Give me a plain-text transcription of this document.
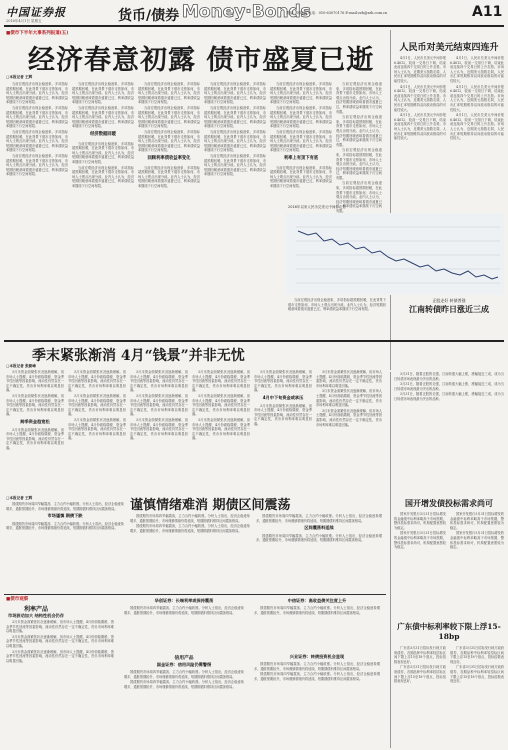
中国证券报
2016年4月1日 星期五	货币/债券 Money·Bonds
责编：刘晓莉 电话：010-63070176 E-mail:zzb@zzb.com.cn	A11
■债市下半年大事系列报道(五)
经济春意初露 债市盛夏已逝
□本报记者 王辉

当前宏观经济出现企稳迹象，多项指标超预期回暖，在此背景下债市走势如何，市场人士观点出现分歧。业内人士认为，经济短期回暖意味着债市盛夏已过，利率债收益率继续下行空间有限。

当前宏观经济出现企稳迹象，多项指标超预期回暖，在此背景下债市走势如何，市场人士观点出现分歧。业内人士认为，经济短期回暖意味着债市盛夏已过，利率债收益率继续下行空间有限。

当前宏观经济出现企稳迹象，多项指标超预期回暖，在此背景下债市走势如何，市场人士观点出现分歧。业内人士认为，经济短期回暖意味着债市盛夏已过，利率债收益率继续下行空间有限。

当前宏观经济出现企稳迹象，多项指标超预期回暖，在此背景下债市走势如何，市场人士观点出现分歧。业内人士认为，经济短期回暖意味着债市盛夏已过，利率债收益率继续下行空间有限。

当前宏观经济出现企稳迹象，多项指标超预期回暖，在此背景下债市走势如何，市场人士观点出现分歧。业内人士认为，经济短期回暖意味着债市盛夏已过，利率债收益率继续下行空间有限。

当前宏观经济出现企稳迹象，多项指标超预期回暖，在此背景下债市走势如何，市场人士观点出现分歧。业内人士认为，经济短期回暖意味着债市盛夏已过，利率债收益率继续下行空间有限。

经济数据回暖

当前宏观经济出现企稳迹象，多项指标超预期回暖，在此背景下债市走势如何，市场人士观点出现分歧。业内人士认为，经济短期回暖意味着债市盛夏已过，利率债收益率继续下行空间有限。

当前宏观经济出现企稳迹象，多项指标超预期回暖，在此背景下债市走势如何，市场人士观点出现分歧。业内人士认为，经济短期回暖意味着债市盛夏已过，利率债收益率继续下行空间有限。

当前宏观经济出现企稳迹象，多项指标超预期回暖，在此背景下债市走势如何，市场人士观点出现分歧。业内人士认为，经济短期回暖意味着债市盛夏已过，利率债收益率继续下行空间有限。

当前宏观经济出现企稳迹象，多项指标超预期回暖，在此背景下债市走势如何，市场人士观点出现分歧。业内人士认为，经济短期回暖意味着债市盛夏已过，利率债收益率继续下行空间有限。

当前宏观经济出现企稳迹象，多项指标超预期回暖，在此背景下债市走势如何，市场人士观点出现分歧。业内人士认为，经济短期回暖意味着债市盛夏已过，利率债收益率继续下行空间有限。

回顾利率债收益率变化

当前宏观经济出现企稳迹象，多项指标超预期回暖，在此背景下债市走势如何，市场人士观点出现分歧。业内人士认为，经济短期回暖意味着债市盛夏已过，利率债收益率继续下行空间有限。

当前宏观经济出现企稳迹象，多项指标超预期回暖，在此背景下债市走势如何，市场人士观点出现分歧。业内人士认为，经济短期回暖意味着债市盛夏已过，利率债收益率继续下行空间有限。

当前宏观经济出现企稳迹象，多项指标超预期回暖，在此背景下债市走势如何，市场人士观点出现分歧。业内人士认为，经济短期回暖意味着债市盛夏已过，利率债收益率继续下行空间有限。

当前宏观经济出现企稳迹象，多项指标超预期回暖，在此背景下债市走势如何，市场人士观点出现分歧。业内人士认为，经济短期回暖意味着债市盛夏已过，利率债收益率继续下行空间有限。

当前宏观经济出现企稳迹象，多项指标超预期回暖，在此背景下债市走势如何，市场人士观点出现分歧。业内人士认为，经济短期回暖意味着债市盛夏已过，利率债收益率继续下行空间有限。

当前宏观经济出现企稳迹象，多项指标超预期回暖，在此背景下债市走势如何，市场人士观点出现分歧。业内人士认为，经济短期回暖意味着债市盛夏已过，利率债收益率继续下行空间有限。

当前宏观经济出现企稳迹象，多项指标超预期回暖，在此背景下债市走势如何，市场人士观点出现分歧。业内人士认为，经济短期回暖意味着债市盛夏已过，利率债收益率继续下行空间有限。

当前宏观经济出现企稳迹象，多项指标超预期回暖，在此背景下债市走势如何，市场人士观点出现分歧。业内人士认为，经济短期回暖意味着债市盛夏已过，利率债收益率继续下行空间有限。

利率上有顶下有底

当前宏观经济出现企稳迹象，多项指标超预期回暖，在此背景下债市走势如何，市场人士观点出现分歧。业内人士认为，经济短期回暖意味着债市盛夏已过，利率债收益率继续下行空间有限。

当前宏观经济出现企稳迹象，多项指标超预期回暖，在此背景下债市走势如何，市场人士观点出现分歧。业内人士认为，经济短期回暖意味着债市盛夏已过，利率债收益率继续下行空间有限。

当前宏观经济出现企稳迹象，多项指标超预期回暖，在此背景下债市走势如何，市场人士观点出现分歧。业内人士认为，经济短期回暖意味着债市盛夏已过，利率债收益率继续下行空间有限。

当前宏观经济出现企稳迹象，多项指标超预期回暖，在此背景下债市走势如何，市场人士观点出现分歧。业内人士认为，经济短期回暖意味着债市盛夏已过，利率债收益率继续下行空间有限。

当前宏观经济出现企稳迹象，多项指标超预期回暖，在此背景下债市走势如何，市场人士观点出现分歧。业内人士认为，经济短期回暖意味着债市盛夏已过，利率债收益率继续下行空间有限。

人民币对美元结束四连升

4月1日，人民币兑美元中间价报6.4612，较前一交易日下调，结束此前连续四个交易日的上升态势。市场人士认为，近期美元指数走弱，人民币汇率短期维持双向波动格局的可能性较大。

4月1日，人民币兑美元中间价报6.4612，较前一交易日下调，结束此前连续四个交易日的上升态势。市场人士认为，近期美元指数走弱，人民币汇率短期维持双向波动格局的可能性较大。

4月1日，人民币兑美元中间价报6.4612，较前一交易日下调，结束此前连续四个交易日的上升态势。市场人士认为，近期美元指数走弱，人民币汇率短期维持双向波动格局的可能性较大。

4月1日，人民币兑美元中间价报6.4612，较前一交易日下调，结束此前连续四个交易日的上升态势。市场人士认为，近期美元指数走弱，人民币汇率短期维持双向波动格局的可能性较大。

4月1日，人民币兑美元中间价报6.4612，较前一交易日下调，结束此前连续四个交易日的上升态势。市场人士认为，近期美元指数走弱，人民币汇率短期维持双向波动格局的可能性较大。

4月1日，人民币兑美元中间价报6.4612，较前一交易日下调，结束此前连续四个交易日的上升态势。市场人士认为，近期美元指数走弱，人民币汇率短期维持双向波动格局的可能性较大。

2016年以来人民币兑美元中间价走势
正股走好 转债普涨
江南转债昨日涨近三成

当前宏观经济出现企稳迹象，多项指标超预期回暖，在此背景下债市走势如何，市场人士观点出现分歧。业内人士认为，经济短期回暖意味着债市盛夏已过，利率债收益率继续下行空间有限。

季末紧张渐消 4月“钱景”并非无忧
□本报记者 张勤峰

3月末资金面紧张状况逐渐缓解，但市场人士提醒，4月份面临缴税、资金季节性回流等因素影响，流动性仍然存在一定不确定性，货币市场利率难以明显回落。

3月末资金面紧张状况逐渐缓解，但市场人士提醒，4月份面临缴税、资金季节性回流等因素影响，流动性仍然存在一定不确定性，货币市场利率难以明显回落。

跨季资金趋宽松

3月末资金面紧张状况逐渐缓解，但市场人士提醒，4月份面临缴税、资金季节性回流等因素影响，流动性仍然存在一定不确定性，货币市场利率难以明显回落。

3月末资金面紧张状况逐渐缓解，但市场人士提醒，4月份面临缴税、资金季节性回流等因素影响，流动性仍然存在一定不确定性，货币市场利率难以明显回落。

3月末资金面紧张状况逐渐缓解，但市场人士提醒，4月份面临缴税、资金季节性回流等因素影响，流动性仍然存在一定不确定性，货币市场利率难以明显回落。

3月末资金面紧张状况逐渐缓解，但市场人士提醒，4月份面临缴税、资金季节性回流等因素影响，流动性仍然存在一定不确定性，货币市场利率难以明显回落。

3月末资金面紧张状况逐渐缓解，但市场人士提醒，4月份面临缴税、资金季节性回流等因素影响，流动性仍然存在一定不确定性，货币市场利率难以明显回落。

3月末资金面紧张状况逐渐缓解，但市场人士提醒，4月份面临缴税、资金季节性回流等因素影响，流动性仍然存在一定不确定性，货币市场利率难以明显回落。

3月末资金面紧张状况逐渐缓解，但市场人士提醒，4月份面临缴税、资金季节性回流等因素影响，流动性仍然存在一定不确定性，货币市场利率难以明显回落。

3月末资金面紧张状况逐渐缓解，但市场人士提醒，4月份面临缴税、资金季节性回流等因素影响，流动性仍然存在一定不确定性，货币市场利率难以明显回落。

3月末资金面紧张状况逐渐缓解，但市场人士提醒，4月份面临缴税、资金季节性回流等因素影响，流动性仍然存在一定不确定性，货币市场利率难以明显回落。

3月末资金面紧张状况逐渐缓解，但市场人士提醒，4月份面临缴税、资金季节性回流等因素影响，流动性仍然存在一定不确定性，货币市场利率难以明显回落。

3月末资金面紧张状况逐渐缓解，但市场人士提醒，4月份面临缴税、资金季节性回流等因素影响，流动性仍然存在一定不确定性，货币市场利率难以明显回落。

4月中下旬资金或承压

3月末资金面紧张状况逐渐缓解，但市场人士提醒，4月份面临缴税、资金季节性回流等因素影响，流动性仍然存在一定不确定性，货币市场利率难以明显回落。

3月末资金面紧张状况逐渐缓解，但市场人士提醒，4月份面临缴税、资金季节性回流等因素影响，流动性仍然存在一定不确定性，货币市场利率难以明显回落。

3月末资金面紧张状况逐渐缓解，但市场人士提醒，4月份面临缴税、资金季节性回流等因素影响，流动性仍然存在一定不确定性，货币市场利率难以明显回落。

3月末资金面紧张状况逐渐缓解，但市场人士提醒，4月份面临缴税、资金季节性回流等因素影响，流动性仍然存在一定不确定性，货币市场利率难以明显回落。

国开增发债投标需求尚可

国家开发银行3月31日招标增发的金融债中标利率略高于市场预期，整体投标需求尚可，机构配置意愿较为稳定。

国家开发银行3月31日招标增发的金融债中标利率略高于市场预期，整体投标需求尚可，机构配置意愿较为稳定。

国家开发银行3月31日招标增发的金融债中标利率略高于市场预期，整体投标需求尚可，机构配置意愿较为稳定。

国家开发银行3月31日招标增发的金融债中标利率略高于市场预期，整体投标需求尚可，机构配置意愿较为稳定。

3月31日，随着正股的走强，江南转债大幅上涨，涨幅接近三成，成为当日转债市场表现最为突出的品种。

3月31日，随着正股的走强，江南转债大幅上涨，涨幅接近三成，成为当日转债市场表现最为突出的品种。

3月31日，随着正股的走强，江南转债大幅上涨，涨幅接近三成，成为当日转债市场表现最为突出的品种。

谨慎情绪难消 期债区间震荡
□本报记者 王辉

国债期货市场周四窄幅震荡，主力合约小幅收涨。分析人士指出，经济企稳迹象增多，通胀预期抬升，市场谨慎情绪仍将延续，短期期债料维持区间震荡格局。

市场谨慎 期债下跌

国债期货市场周四窄幅震荡，主力合约小幅收涨。分析人士指出，经济企稳迹象增多，通胀预期抬升，市场谨慎情绪仍将延续，短期期债料维持区间震荡格局。

国债期货市场周四窄幅震荡，主力合约小幅收涨。分析人士指出，经济企稳迹象增多，通胀预期抬升，市场谨慎情绪仍将延续，短期期债料维持区间震荡格局。

国债期货市场周四窄幅震荡，主力合约小幅收涨。分析人士指出，经济企稳迹象增多，通胀预期抬升，市场谨慎情绪仍将延续，短期期债料维持区间震荡格局。

国债期货市场周四窄幅震荡，主力合约小幅收涨。分析人士指出，经济企稳迹象增多，通胀预期抬升，市场谨慎情绪仍将延续，短期期债料维持区间震荡格局。

区间震荡料延续

国债期货市场周四窄幅震荡，主力合约小幅收涨。分析人士指出，经济企稳迹象增多，通胀预期抬升，市场谨慎情绪仍将延续，短期期债料维持区间震荡格局。

■债市观察
利率产品
市场波动加大 结构性机会仍存

3月末资金面紧张状况逐渐缓解，但市场人士提醒，4月份面临缴税、资金季节性回流等因素影响，流动性仍然存在一定不确定性，货币市场利率难以明显回落。

3月末资金面紧张状况逐渐缓解，但市场人士提醒，4月份面临缴税、资金季节性回流等因素影响，流动性仍然存在一定不确定性，货币市场利率难以明显回落。

3月末资金面紧张状况逐渐缓解，但市场人士提醒，4月份面临缴税、资金季节性回流等因素影响，流动性仍然存在一定不确定性，货币市场利率难以明显回落。

华创证券：长端利率或保持震荡	中信证券：高收益债关注度上升

国债期货市场周四窄幅震荡，主力合约小幅收涨。分析人士指出，经济企稳迹象增多，通胀预期抬升，市场谨慎情绪仍将延续，短期期债料维持区间震荡格局。

国债期货市场周四窄幅震荡，主力合约小幅收涨。分析人士指出，经济企稳迹象增多，通胀预期抬升，市场谨慎情绪仍将延续，短期期债料维持区间震荡格局。

信用产品
国金证券：信用风险仍需警惕

国债期货市场周四窄幅震荡，主力合约小幅收涨。分析人士指出，经济企稳迹象增多，通胀预期抬升，市场谨慎情绪仍将延续，短期期债料维持区间震荡格局。

国债期货市场周四窄幅震荡，主力合约小幅收涨。分析人士指出，经济企稳迹象增多，通胀预期抬升，市场谨慎情绪仍将延续，短期期债料维持区间震荡格局。

兴业证券：转债投资机会显现

国债期货市场周四窄幅震荡，主力合约小幅收涨。分析人士指出，经济企稳迹象增多，通胀预期抬升，市场谨慎情绪仍将延续，短期期债料维持区间震荡格局。

国债期货市场周四窄幅震荡，主力合约小幅收涨。分析人士指出，经济企稳迹象增多，通胀预期抬升，市场谨慎情绪仍将延续，短期期债料维持区间震荡格局。

广东债中标利率较下限上浮15-18bp

广东省3月31日招标发行地方政府债券，各期品种中标利率较招标区间下限上浮15至18个基点，投标倍数表现良好。

广东省3月31日招标发行地方政府债券，各期品种中标利率较招标区间下限上浮15至18个基点，投标倍数表现良好。

广东省3月31日招标发行地方政府债券，各期品种中标利率较招标区间下限上浮15至18个基点，投标倍数表现良好。

广东省3月31日招标发行地方政府债券，各期品种中标利率较招标区间下限上浮15至18个基点，投标倍数表现良好。
